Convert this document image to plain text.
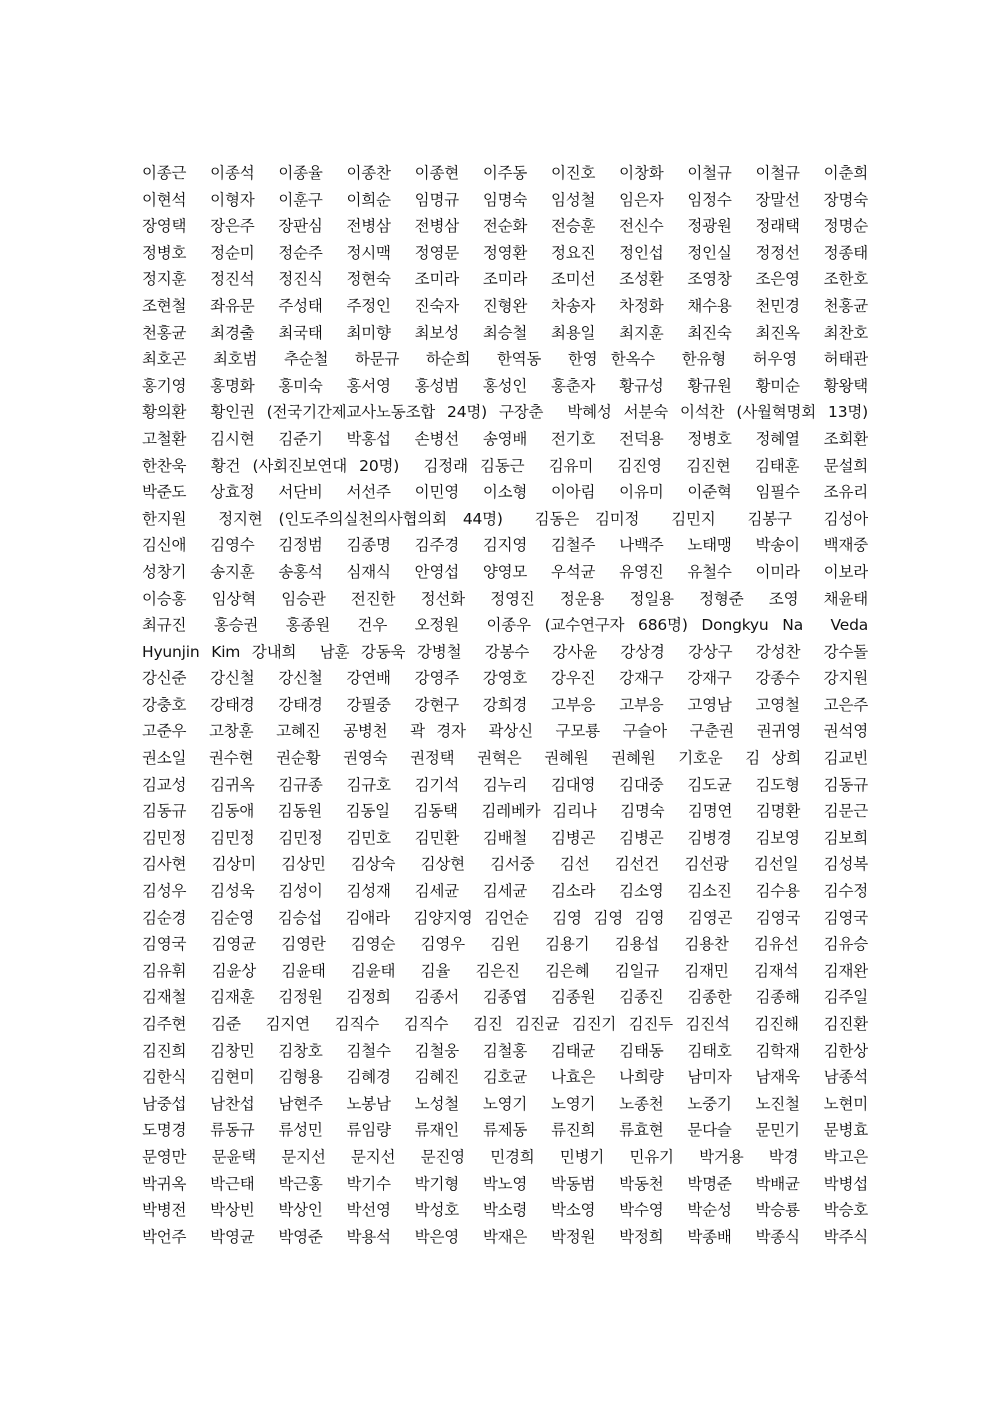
이종근  이종석  이종율  이종찬  이종현  이주동  이진호  이창화  이철규  이철규  이춘희
이현석  이형자  이훈구  이희순  임명규  임명숙  임성철  임은자  임정수  장말선  장명숙
장영택  장은주  장판심  전병삼  전병삼  전순화  전승훈  전신수  정광원  정래택  정명순
정병호  정순미  정순주  정시맥  정영문  정영환  정요진  정인섭  정인실  정정선  정종태
정지훈  정진석  정진식  정현숙  조미라  조미라  조미선  조성환  조영창  조은영  조한호
조현철  좌유문  주성태  주정인  진숙자  진형완  차송자  차정화  채수용  천민경  천홍균
천홍균  최경출  최국태  최미향  최보성  최승철  최용일  최지훈  최진숙  최진옥  최찬호
최호곤  최호범  추순철  하문규  하순희  한역동  한영 한옥수  한유형  허우영  허태관
홍기영  홍명화  홍미숙  홍서영  홍성범  홍성인  홍춘자  황규성  황규원  황미순  황왕택
황의환  황인권 (전국기간제교사노동조합 24명) 구장춘  박혜성 서분숙 이석찬 (사월혁명회 13명)
고철환  김시현  김준기  박홍섭  손병선  송영배  전기호  전덕용  정병호  정혜열  조회환
한찬욱  황건 (사회진보연대 20명)  김정래 김동근  김유미  김진영  김진현  김태훈  문설희
박준도  상효정  서단비  서선주  이민영  이소형  이아림  이유미  이준혁  임필수  조유리
한지원  정지현 (인도주의실천의사협의회 44명)  김동은 김미정  김민지  김봉구  김성아
김신애  김영수  김정범  김종명  김주경  김지영  김철주  나백주  노태맹  박송이  백재중
성창기  송지훈  송홍석  심재식  안영섭  양영모  우석균  유영진  유철수  이미라  이보라
이승홍  임상혁  임승관  전진한  정선화  정영진  정운용  정일용  정형준  조영  채윤태
최규진  홍승권  홍종원  건우  오정원  이종우 (교수연구자 686명) Dongkyu Na  Veda
Hyunjin Kim 강내희  남훈 강동욱 강병철  강봉수  강사윤  강상경  강상구  강성찬  강수돌
강신준  강신철  강신철  강연배  강영주  강영호  강우진  강재구  강재구  강종수  강지원
강충호  강태경  강태경  강필중  강현구  강희경  고부응  고부응  고영남  고영철  고은주
고준우  고창훈  고혜진  공병천  곽 경자  곽상신  구모룡  구슬아  구춘권  권귀영  권석영
권소일  권수현  권순황  권영숙  권정택  권혁은  권혜원  권혜원  기호운  김 상희  김교빈
김교성  김귀옥  김규종  김규호  김기석  김누리  김대영  김대중  김도균  김도형  김동규
김동규  김동애  김동원  김동일  김동택  김레베카 김리나  김명숙  김명연  김명환  김문근
김민정  김민정  김민정  김민호  김민환  김배철  김병곤  김병곤  김병경  김보영  김보희
김사현  김상미  김상민  김상숙  김상현  김서중  김선  김선건  김선광  김선일  김성복
김성우  김성욱  김성이  김성재  김세균  김세균  김소라  김소영  김소진  김수용  김수정
김순경  김순영  김승섭  김애라  김양지영 김언순  김영 김영 김영  김영곤  김영국  김영국
김영국  김영균  김영란  김영순  김영우  김윈  김용기  김용섭  김용찬  김유선  김유승
김유휘  김윤상  김윤태  김윤태  김율  김은진  김은혜  김일규  김재민  김재석  김재완
김재철  김재훈  김정원  김정희  김종서  김종엽  김종원  김종진  김종한  김종해  김주일
김주현  김준  김지연  김직수  김직수  김진 김진균 김진기 김진두 김진석  김진해  김진환
김진희  김창민  김창호  김철수  김철웅  김철홍  김태균  김태동  김태호  김학재  김한상
김한식  김현미  김형용  김혜경  김혜진  김호균  나효은  나희량  남미자  남재욱  남종석
남중섭  남찬섭  남현주  노봉남  노성철  노영기  노영기  노종천  노중기  노진철  노현미
도명경  류동규  류성민  류임량  류재인  류제동  류진희  류효현  문다슬  문민기  문병효
문영만  문윤택  문지선  문지선  문진영  민경희  민병기  민유기  박거용  박경  박고은
박귀옥  박근태  박근홍  박기수  박기형  박노영  박동범  박동천  박명준  박배균  박병섭
박병전  박상빈  박상인  박선영  박성호  박소령  박소영  박수영  박순성  박승룡  박승호
박언주  박영균  박영준  박용석  박은영  박재은  박정원  박정희  박종배  박종식  박주식
